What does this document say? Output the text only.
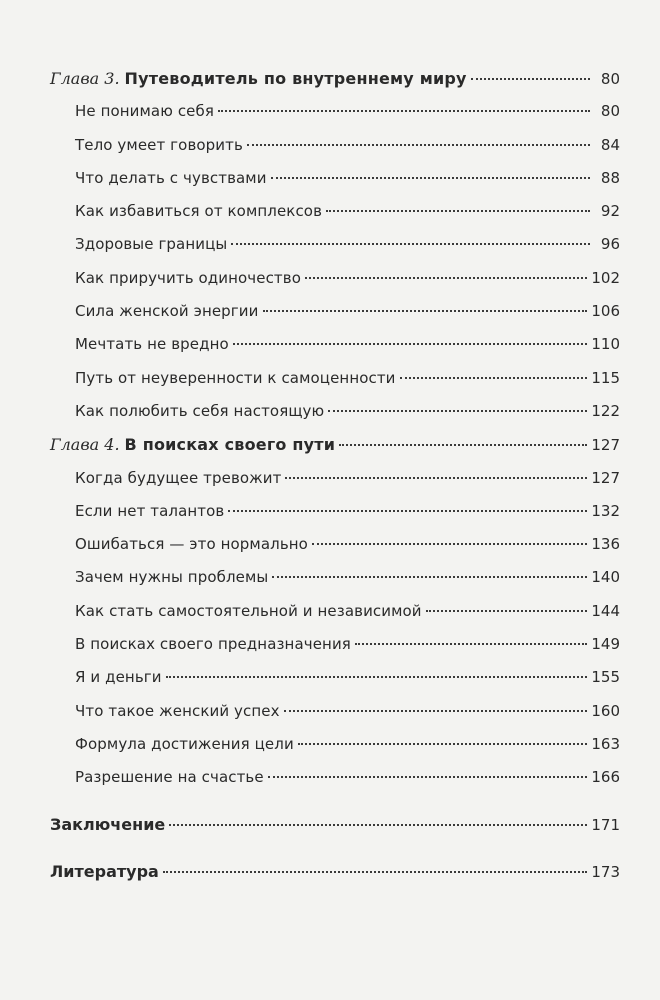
Глава 3. Путеводитель по внутреннему миру	80
Не понимаю себя	80
Тело умеет говорить	84
Что делать с чувствами	88
Как избавиться от комплексов	92
Здоровые границы	96
Как приручить одиночество	102
Сила женской энергии	106
Мечтать не вредно	110
Путь от неуверенности к самоценности	115
Как полюбить себя настоящую	122
Глава 4. В поисках своего пути	127
Когда будущее тревожит	127
Если нет талантов	132
Ошибаться — это нормально	136
Зачем нужны проблемы	140
Как стать самостоятельной и независимой	144
В поисках своего предназначения	149
Я и деньги	155
Что такое женский успех	160
Формула достижения цели	163
Разрешение на счастье	166
Заключение	171
Литература	173
